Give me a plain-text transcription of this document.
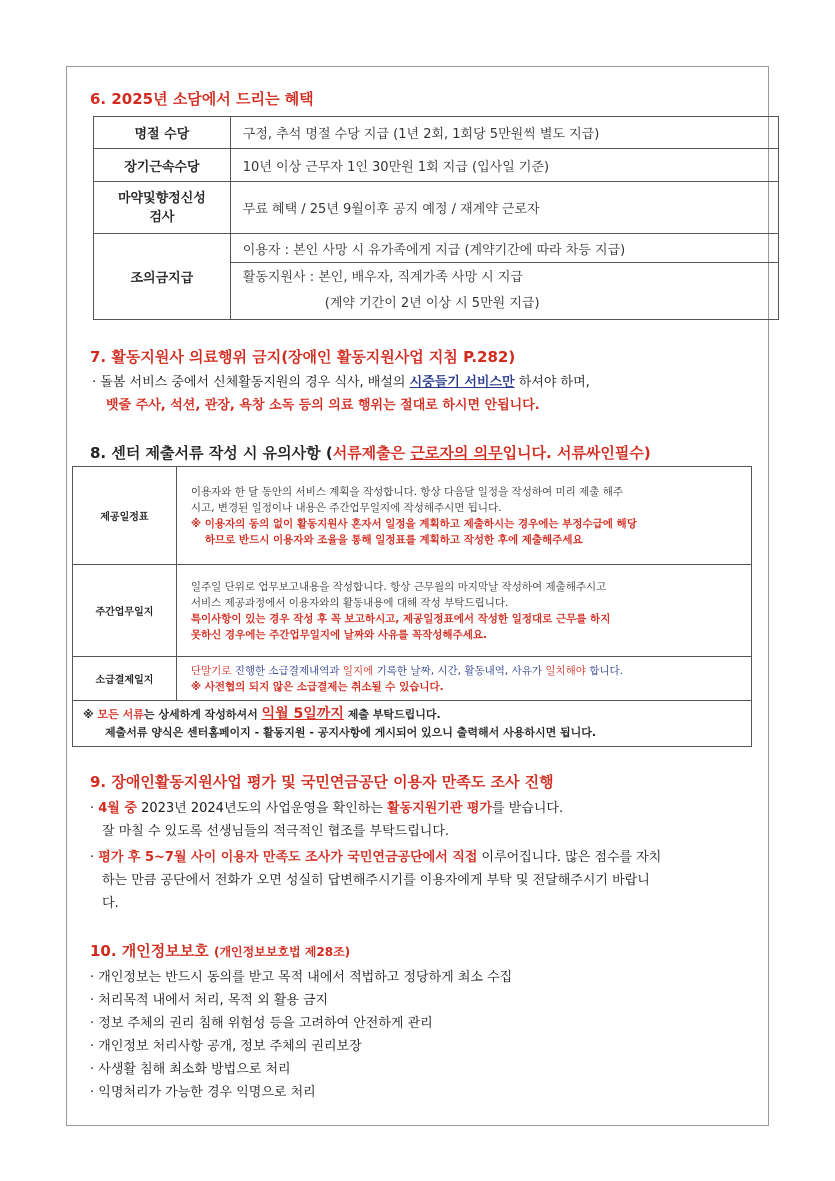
6. 2025년 소담에서 드리는 혜택
명절 수당	구정, 추석 명절 수당 지급 (1년 2회, 1회당 5만원씩 별도 지급)
장기근속수당	10년 이상 근무자 1인 30만원 1회 지급 (입사일 기준)

마약및향정신성
검사	무료 혜택 / 25년 9월이후 공지 예정 / 재계약 근로자
조의금지급	이용자 : 본인 사망 시 유가족에게 지급 (계약기간에 따라 차등 지급)

	활동지원사 : 본인, 배우자, 직계가족 사망 시 지급
(계약 기간이 2년 이상 시 5만원 지급)
7. 활동지원사 의료행위 금지(장애인 활동지원사업 지침 P.282)
· 돌봄 서비스 중에서 신체활동지원의 경우 식사, 배설의 시중들기 서비스만 하셔야 하며,
뱃줄 주사, 석션, 관장, 욕창 소독 등의 의료 행위는 절대로 하시면 안됩니다.
8. 센터 제출서류 작성 시 유의사항 (서류제출은 근로자의 의무입니다. 서류싸인필수)
제공일정표	이용자와 한 달 동안의 서비스 계획을 작성합니다. 항상 다음달 일정을 작성하여 미리 제출 해주
시고, 변경된 일정이나 내용은 주간업무일지에 작성해주시면 됩니다.
※ 이용자의 동의 없이 활동지원사 혼자서 일정을 계획하고 제출하시는 경우에는 부정수급에 해당
하므로 반드시 이용자와 조율을 통해 일정표를 계획하고 작성한 후에 제출해주세요

주간업무일지	일주일 단위로 업무보고내용을 작성합니다. 항상 근무월의 마지막날 작성하여 제출해주시고
서비스 제공과정에서 이용자와의 활동내용에 대해 작성 부탁드립니다.
특이사항이 있는 경우 작성 후 꼭 보고하시고, 제공일정표에서 작성한 일정대로 근무를 하지
못하신 경우에는 주간업무일지에 날짜와 사유를 꼭작성해주세요.

소급결제일지	단말기로 진행한 소급결제내역과 일지에 기록한 날짜, 시간, 활동내역, 사유가 일치해야 합니다.
※ 사전협의 되지 않은 소급결제는 취소될 수 있습니다.

※ 모든 서류는 상세하게 작성하셔서 익월 5일까지 제출 부탁드립니다.
제출서류 양식은 센터홈페이지 - 활동지원 - 공지사항에 게시되어 있으니 출력해서 사용하시면 됩니다.	
9. 장애인활동지원사업 평가 및 국민연금공단 이용자 만족도 조사 진행
· 4월 중 2023년 2024년도의 사업운영을 확인하는 활동지원기관 평가를 받습니다.
잘 마칠 수 있도록 선생님들의 적극적인 협조를 부탁드립니다.
· 평가 후 5~7월 사이 이용자 만족도 조사가 국민연금공단에서 직접 이루어집니다. 많은 점수를 자치
하는 만큼 공단에서 전화가 오면 성실히 답변해주시기를 이용자에게 부탁 및 전달해주시기 바랍니
다.
10. 개인정보보호 (개인정보보호법 제28조)
· 개인정보는 반드시 동의를 받고 목적 내에서 적법하고 정당하게 최소 수집
· 처리목적 내에서 처리, 목적 외 활용 금지
· 정보 주체의 권리 침해 위험성 등을 고려하여 안전하게 관리
· 개인정보 처리사항 공개, 정보 주체의 권리보장
· 사생활 침해 최소화 방법으로 처리
· 익명처리가 가능한 경우 익명으로 처리
